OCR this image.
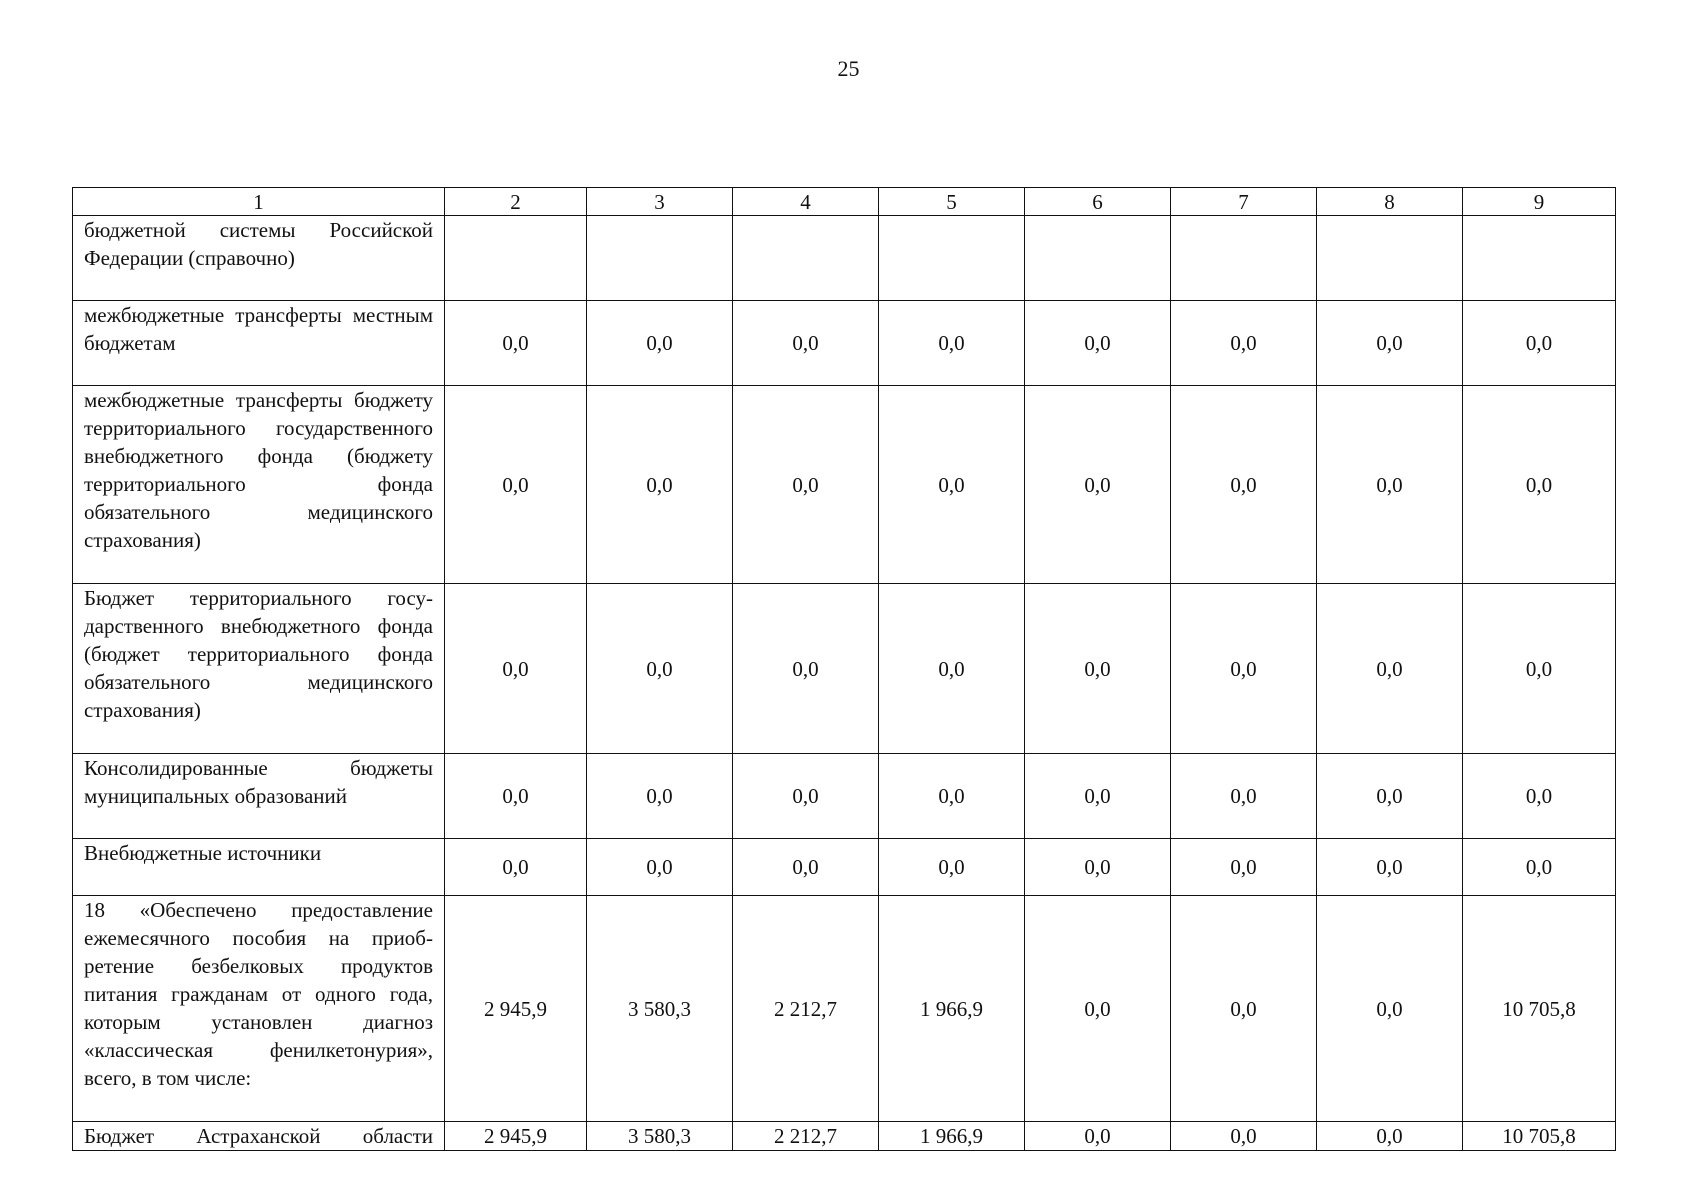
25
1	2	3	4	5	6	7	8	9
бюджетной системы Российской Федерации (справочно)								
межбюджетные трансферты местным бюджетам	0,0	0,0	0,0	0,0	0,0	0,0	0,0	0,0
межбюджетные трансферты бюджету территориального государственного внебюджетного фонда (бюджету территориального фонда обязательного медицинского страхования)	0,0	0,0	0,0	0,0	0,0	0,0	0,0	0,0
Бюджет территориального государственного внебюджетного фонда (бюджет территориального фонда обязательного медицинского страхования)	0,0	0,0	0,0	0,0	0,0	0,0	0,0	0,0
Консолидированные бюджеты муниципальных образований	0,0	0,0	0,0	0,0	0,0	0,0	0,0	0,0
Внебюджетные источники	0,0	0,0	0,0	0,0	0,0	0,0	0,0	0,0
18 «Обеспечено предоставление ежемесячного пособия на приобретение безбелковых продуктов питания гражданам от одного года, которым установлен диагноз «классическая фенилкетонурия», всего, в том числе:	2 945,9	3 580,3	2 212,7	1 966,9	0,0	0,0	0,0	10 705,8
Бюджет Астраханской области	2 945,9	3 580,3	2 212,7	1 966,9	0,0	0,0	0,0	10 705,8
